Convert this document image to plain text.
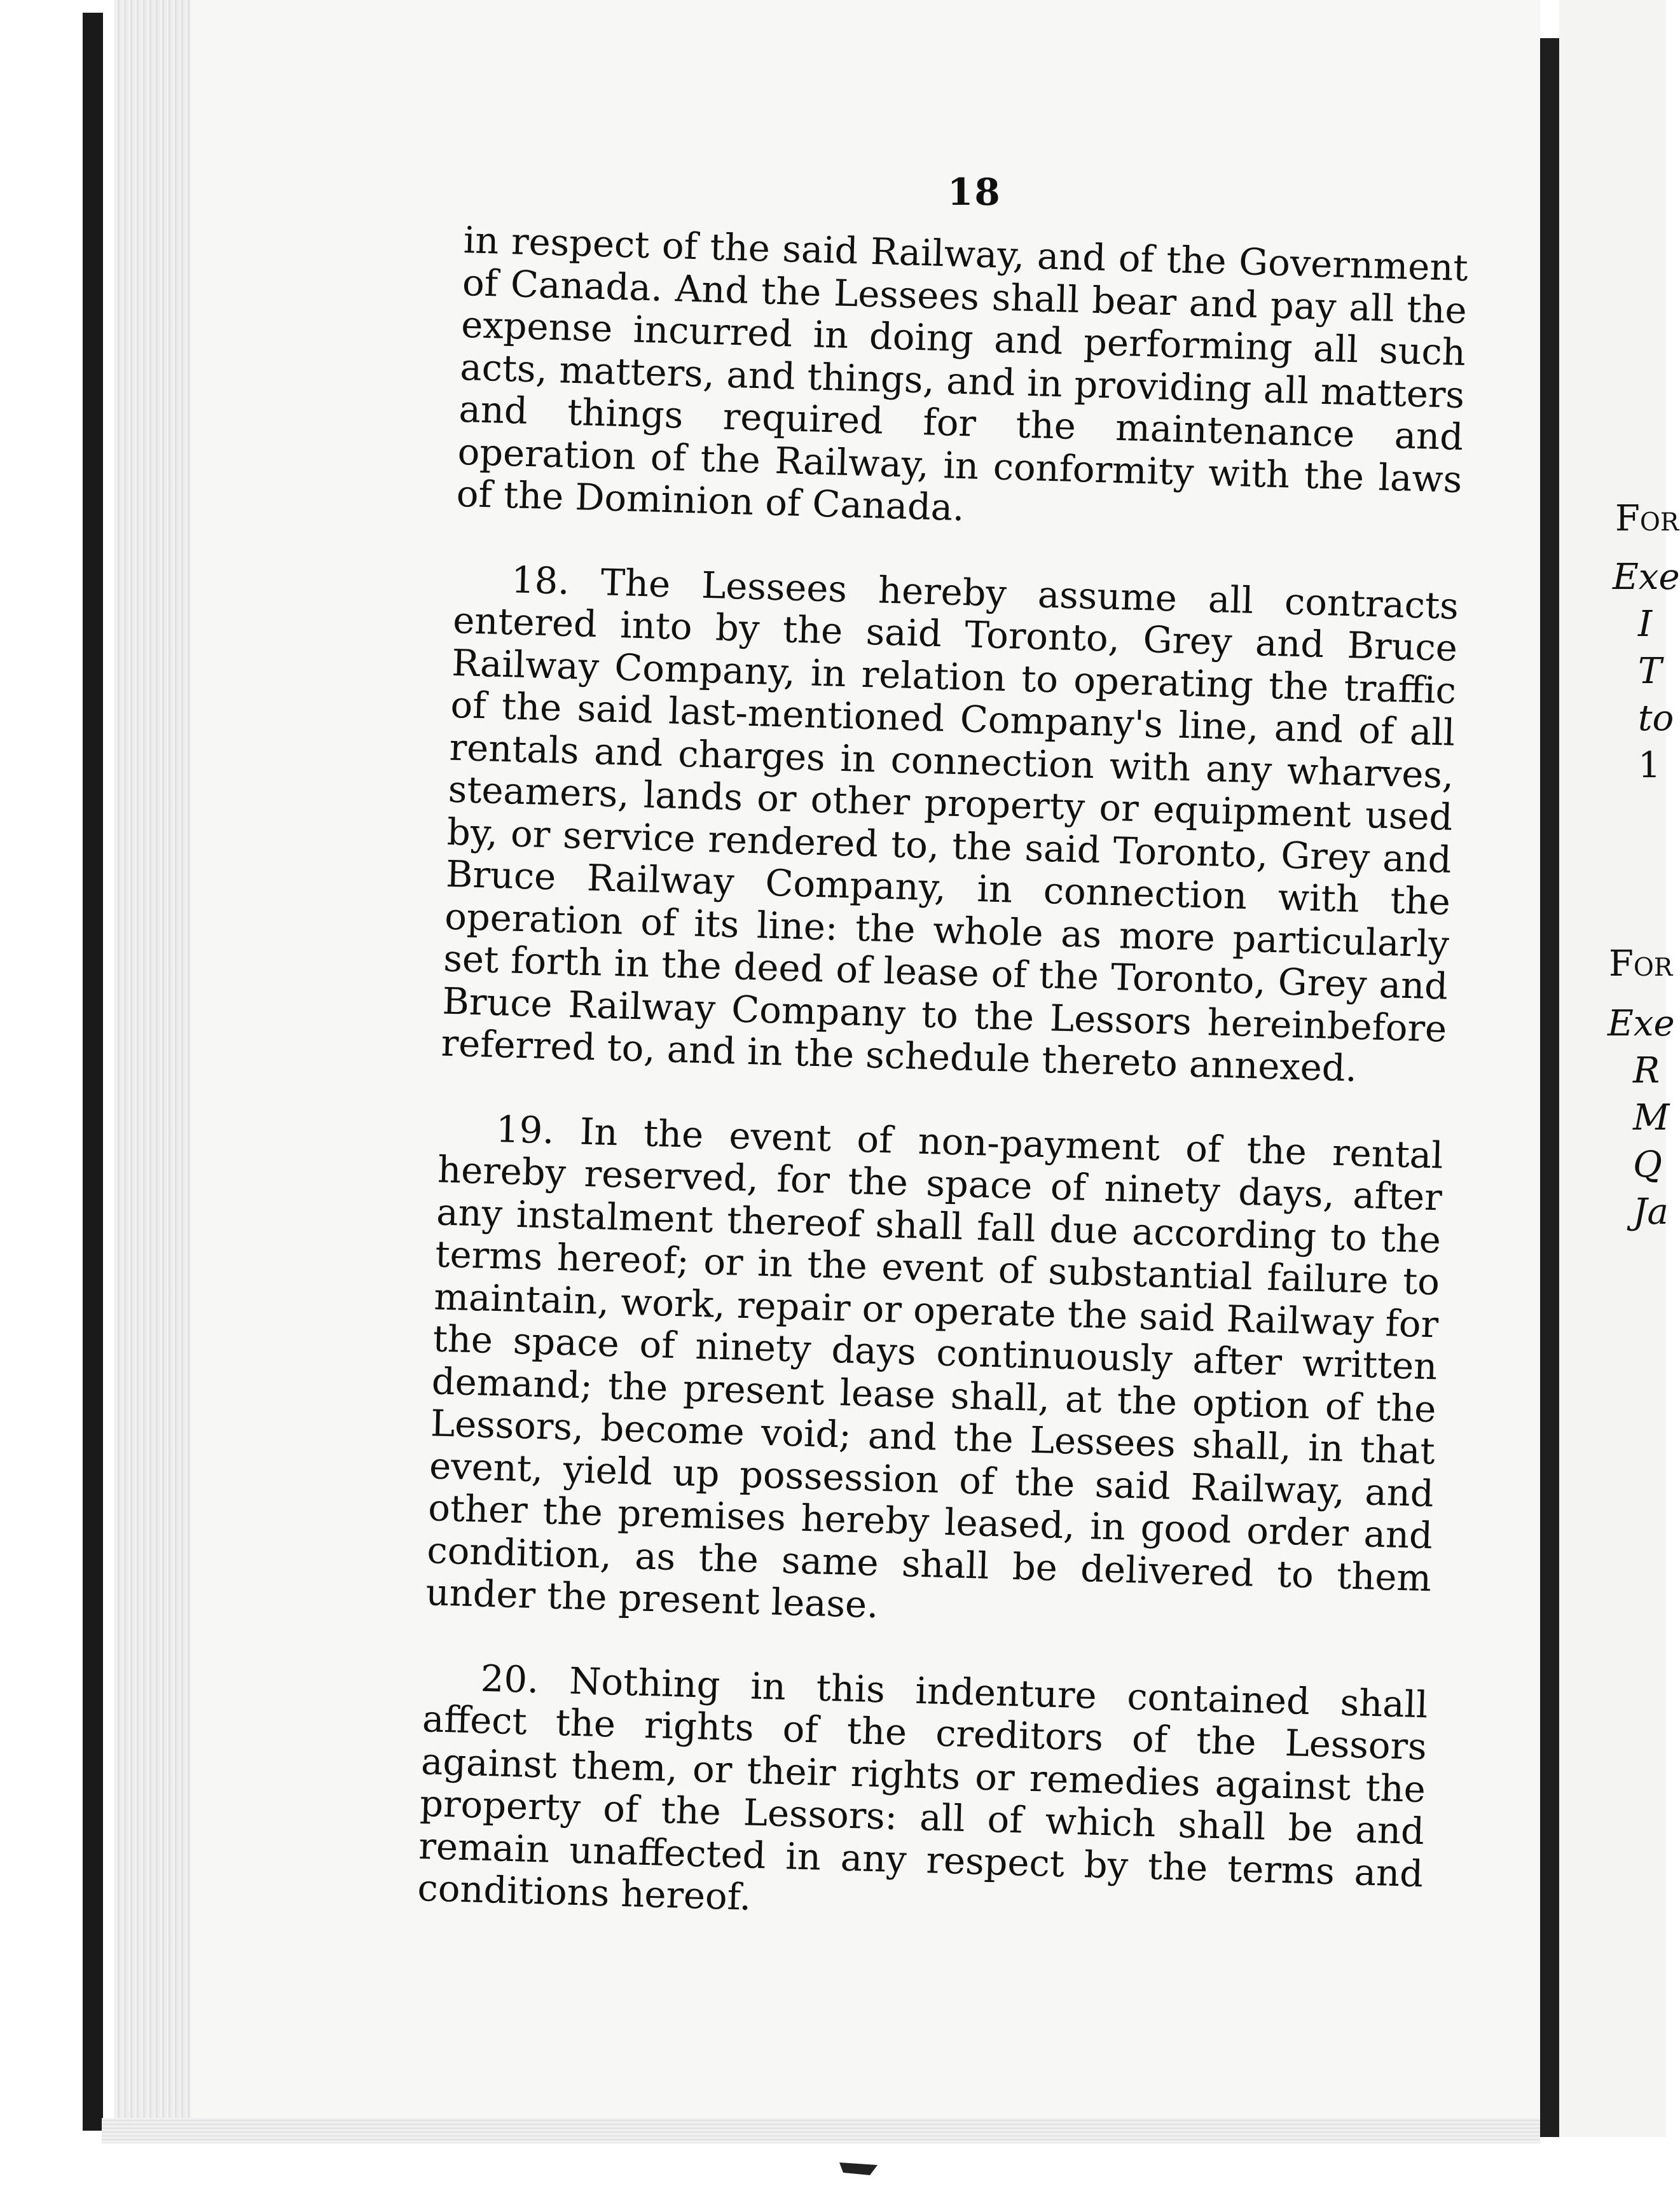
18

in respect of the said Railway, and of the Government of Canada. And the Lessees shall bear and pay all the expense incurred in doing and performing all such acts, matters, and things, and in providing all matters and things required for the maintenance and operation of the Railway, in conformity with the laws of the Dominion of Canada.

18. The Lessees hereby assume all contracts entered into by the said Toronto, Grey and Bruce Railway Company, in relation to operating the traffic of the said last-mentioned Company's line, and of all rentals and charges in connection with any wharves, steamers, lands or other property or equipment used by, or service rendered to, the said Toronto, Grey and Bruce Railway Company, in connection with the operation of its line: the whole as more particularly set forth in the deed of lease of the Toronto, Grey and Bruce Railway Company to the Lessors hereinbefore referred to, and in the schedule thereto annexed.

19. In the event of non-payment of the rental hereby reserved, for the space of ninety days, after any instalment thereof shall fall due according to the terms hereof; or in the event of substantial failure to maintain, work, repair or operate the said Railway for the space of ninety days continuously after written demand; the present lease shall, at the option of the Lessors, become void; and the Lessees shall, in that event, yield up possession of the said Railway, and other the premises hereby leased, in good order and condition, as the same shall be delivered to them under the present lease.

20. Nothing in this indenture contained shall affect the rights of the creditors of the Lessors against them, or their rights or remedies against the property of the Lessors: all of which shall be and remain unaffected in any respect by the terms and conditions hereof.

For

Exe

I

T

to

1

For

Exe

R

M

Q

Ja
